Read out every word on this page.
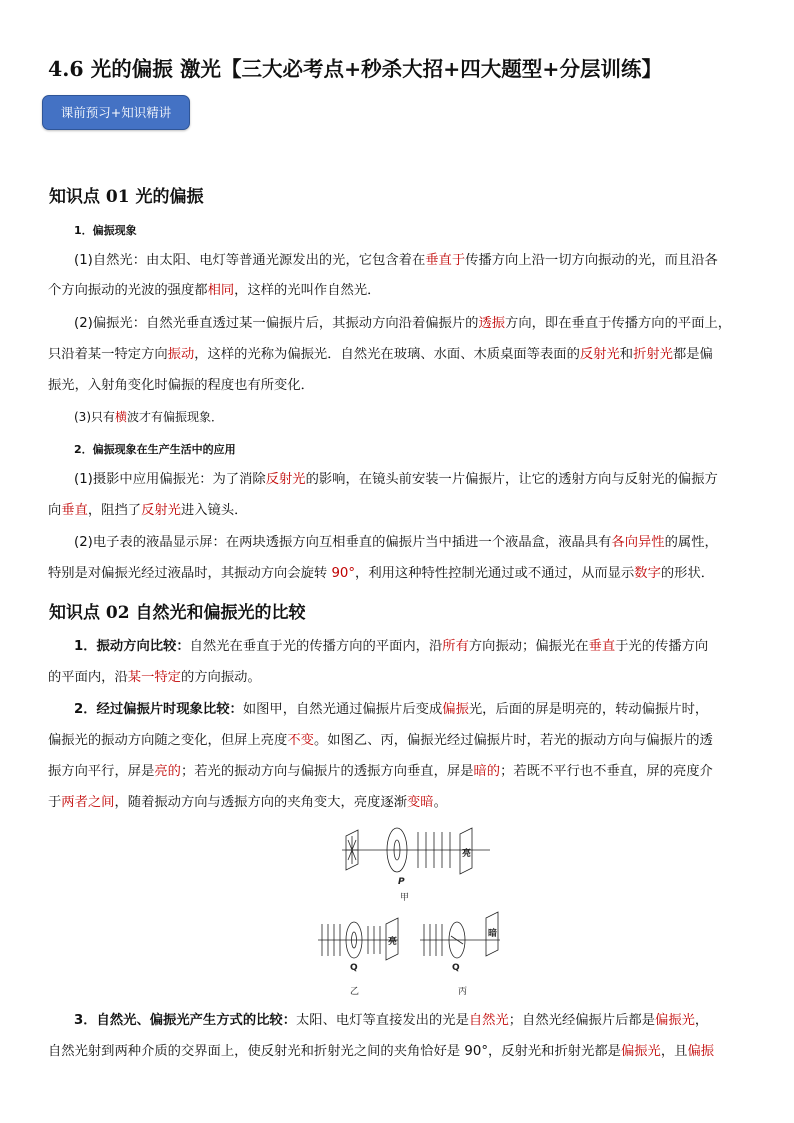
4.6 光的偏振 激光【三大必考点+秒杀大招+四大题型+分层训练】
课前预习+知识精讲
知识点 01 光的偏振
1．偏振现象
(1)自然光：由太阳、电灯等普通光源发出的光，它包含着在垂直于传播方向上沿一切方向振动的光，而且沿各
个方向振动的光波的强度都相同，这样的光叫作自然光．
(2)偏振光：自然光垂直透过某一偏振片后，其振动方向沿着偏振片的透振方向，即在垂直于传播方向的平面上，
只沿着某一特定方向振动，这样的光称为偏振光．自然光在玻璃、水面、木质桌面等表面的反射光和折射光都是偏
振光，入射角变化时偏振的程度也有所变化．
(3)只有横波才有偏振现象．
2．偏振现象在生产生活中的应用
(1)摄影中应用偏振光：为了消除反射光的影响，在镜头前安装一片偏振片，让它的透射方向与反射光的偏振方
向垂直，阻挡了反射光进入镜头．
(2)电子表的液晶显示屏：在两块透振方向互相垂直的偏振片当中插进一个液晶盒，液晶具有各向异性的属性，
特别是对偏振光经过液晶时，其振动方向会旋转 90°，利用这种特性控制光通过或不通过，从而显示数字的形状．
知识点 02 自然光和偏振光的比较
1．振动方向比较：自然光在垂直于光的传播方向的平面内，沿所有方向振动；偏振光在垂直于光的传播方向
的平面内，沿某一特定的方向振动。
2．经过偏振片时现象比较：如图甲，自然光通过偏振片后变成偏振光，后面的屏是明亮的，转动偏振片时，
偏振光的振动方向随之变化，但屏上亮度不变。如图乙、丙，偏振光经过偏振片时，若光的振动方向与偏振片的透
振方向平行，屏是亮的；若光的振动方向与偏振片的透振方向垂直，屏是暗的；若既不平行也不垂直，屏的亮度介
于两者之间，随着振动方向与透振方向的夹角变大，亮度逐渐变暗。
P
甲
亮
亮
暗
Q	Q
乙	丙
3．自然光、偏振光产生方式的比较：太阳、电灯等直接发出的光是自然光；自然光经偏振片后都是偏振光，
自然光射到两种介质的交界面上，使反射光和折射光之间的夹角恰好是 90°，反射光和折射光都是偏振光，且偏振
